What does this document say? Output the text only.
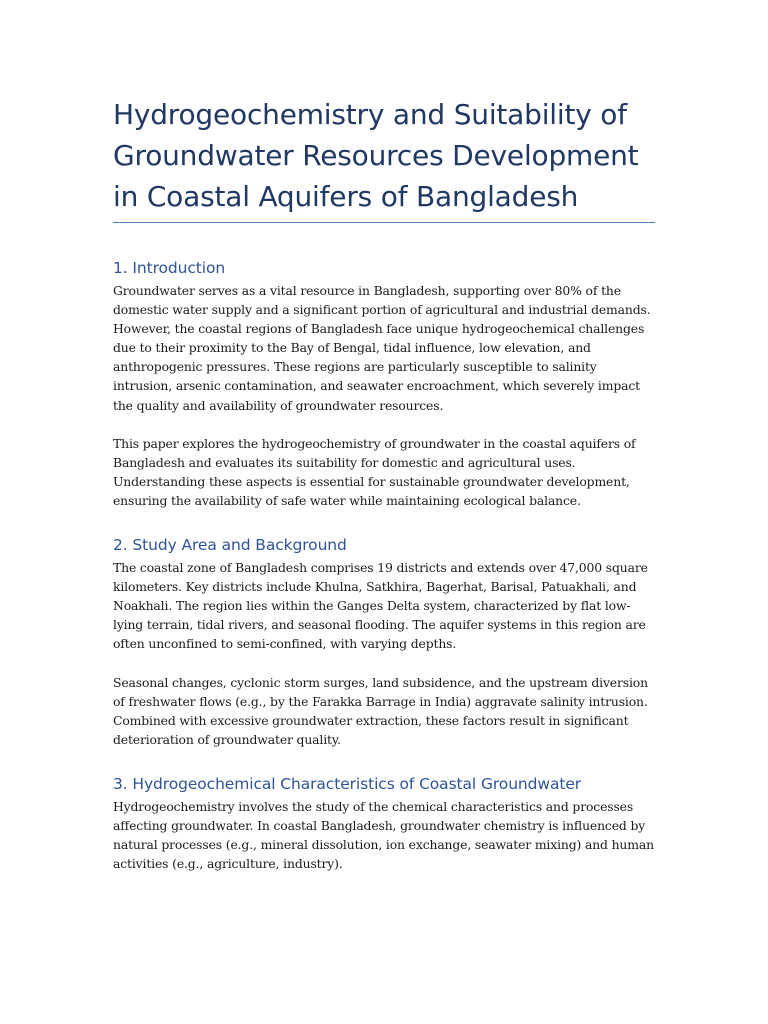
Hydrogeochemistry and Suitability of Groundwater Resources Development in Coastal Aquifers of Bangladesh
1. Introduction

Groundwater serves as a vital resource in Bangladesh, supporting over 80% of the domestic water supply and a significant portion of agricultural and industrial demands. However, the coastal regions of Bangladesh face unique hydrogeochemical challenges due to their proximity to the Bay of Bengal, tidal influence, low elevation, and anthropogenic pressures. These regions are particularly susceptible to salinity intrusion, arsenic contamination, and seawater encroachment, which severely impact the quality and availability of groundwater resources.

This paper explores the hydrogeochemistry of groundwater in the coastal aquifers of Bangladesh and evaluates its suitability for domestic and agricultural uses. Understanding these aspects is essential for sustainable groundwater development, ensuring the availability of safe water while maintaining ecological balance.

2. Study Area and Background

The coastal zone of Bangladesh comprises 19 districts and extends over 47,000 square kilometers. Key districts include Khulna, Satkhira, Bagerhat, Barisal, Patuakhali, and Noakhali. The region lies within the Ganges Delta system, characterized by flat low-lying terrain, tidal rivers, and seasonal flooding. The aquifer systems in this region are often unconfined to semi-confined, with varying depths.

Seasonal changes, cyclonic storm surges, land subsidence, and the upstream diversion of freshwater flows (e.g., by the Farakka Barrage in India) aggravate salinity intrusion. Combined with excessive groundwater extraction, these factors result in significant deterioration of groundwater quality.

3. Hydrogeochemical Characteristics of Coastal Groundwater

Hydrogeochemistry involves the study of the chemical characteristics and processes affecting groundwater. In coastal Bangladesh, groundwater chemistry is influenced by natural processes (e.g., mineral dissolution, ion exchange, seawater mixing) and human activities (e.g., agriculture, industry).
